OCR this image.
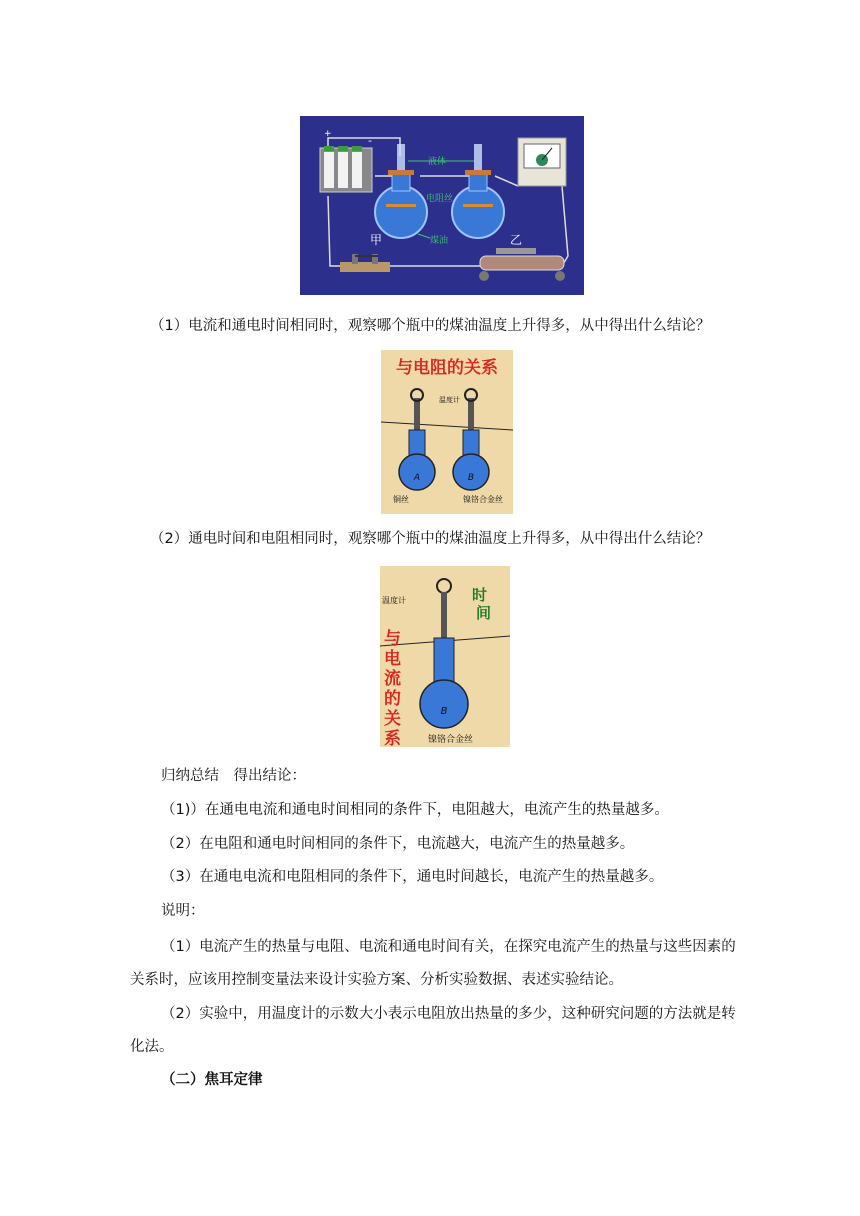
+	-
液体
电阻丝
煤油
甲	乙
（1）电流和通电时间相同时，观察哪个瓶中的煤油温度上升得多，从中得出什么结论？
与电阻的关系
A	B
温度计
铜丝	镍铬合金丝
（2）通电时间和电阻相同时，观察哪个瓶中的煤油温度上升得多，从中得出什么结论？
B
温度计	时
间
与
电
流
的
关
系	镍铬合金丝
归纳总结　得出结论：
（1)）在通电电流和通电时间相同的条件下，电阻越大，电流产生的热量越多。
（2）在电阻和通电时间相同的条件下，电流越大，电流产生的热量越多。
（3）在通电电流和电阻相同的条件下，通电时间越长，电流产生的热量越多。
说明：
（1）电流产生的热量与电阻、电流和通电时间有关，在探究电流产生的热量与这些因素的关系时，应该用控制变量法来设计实验方案、分析实验数据、表述实验结论。
（2）实验中，用温度计的示数大小表示电阻放出热量的多少，这种研究问题的方法就是转化法。
（二）焦耳定律
